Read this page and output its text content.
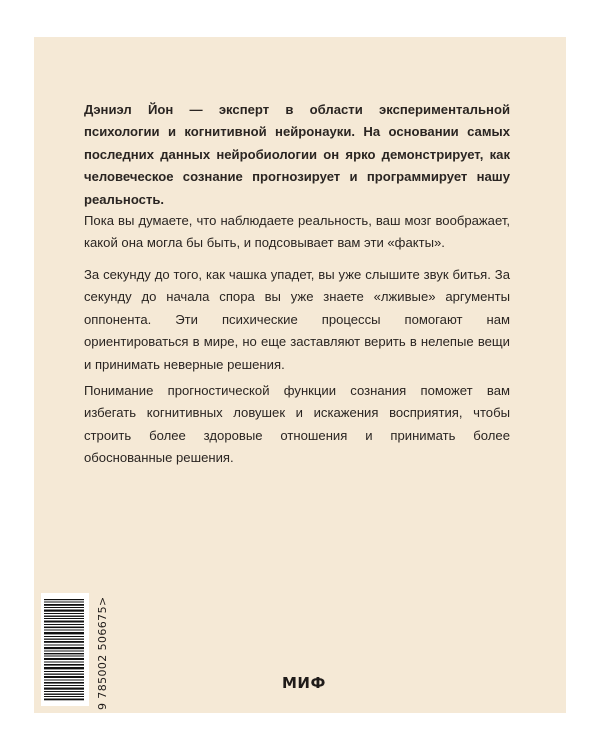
Дэниэл Йон — эксперт в области экспериментальной психологии и когнитивной нейронауки. На основании самых последних данных нейробиологии он ярко демонстрирует, как человеческое сознание прогнозирует и программирует нашу реальность.

Пока вы думаете, что наблюдаете реальность, ваш мозг воображает, какой она могла бы быть, и подсовывает вам эти «факты».

За секунду до того, как чашка упадет, вы уже слышите звук битья. За секунду до начала спора вы уже знаете «лживые» аргументы оппонента. Эти психические процессы помогают нам ориентироваться в мире, но еще заставляют верить в нелепые вещи и принимать неверные решения.

Понимание прогностической функции сознания поможет вам избегать когнитивных ловушек и искажения восприятия, чтобы строить более здоровые отношения и принимать более обоснованные решения.

9 785002 506675>
МИФ
